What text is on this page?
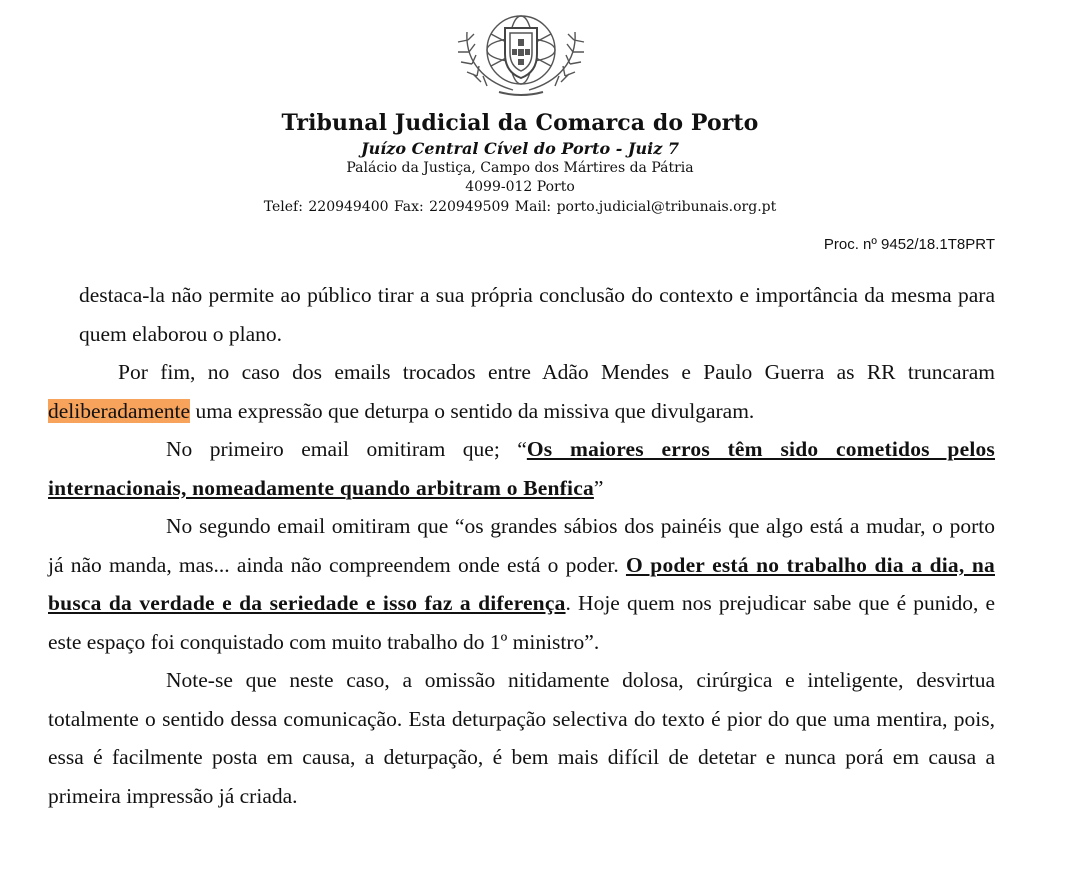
Tribunal Judicial da Comarca do Porto
Juízo Central Cível do Porto - Juiz 7
Palácio da Justiça, Campo dos Mártires da Pátria
4099-012 Porto
Telef: 220949400 Fax: 220949509 Mail: porto.judicial@tribunais.org.pt
Proc. nº 9452/18.1T8PRT

destaca-la não permite ao público tirar a sua própria conclusão do contexto e importância da mesma para quem elaborou o plano.

Por fim, no caso dos emails trocados entre Adão Mendes e Paulo Guerra as RR truncaram deliberadamente uma expressão que deturpa o sentido da missiva que divulgaram.

No primeiro email omitiram que; “Os maiores erros têm sido cometidos pelos internacionais, nomeadamente quando arbitram o Benfica”

No segundo email omitiram que “os grandes sábios dos painéis que algo está a mudar, o porto já não manda, mas... ainda não compreendem onde está o poder. O poder está no trabalho dia a dia, na busca da verdade e da seriedade e isso faz a diferença. Hoje quem nos prejudicar sabe que é punido, e este espaço foi conquistado com muito trabalho do 1º ministro”.

Note-se que neste caso, a omissão nitidamente dolosa, cirúrgica e inteligente, desvirtua totalmente o sentido dessa comunicação. Esta deturpação selectiva do texto é pior do que uma mentira, pois, essa é facilmente posta em causa, a deturpação, é bem mais difícil de detetar e nunca porá em causa a primeira impressão já criada.
